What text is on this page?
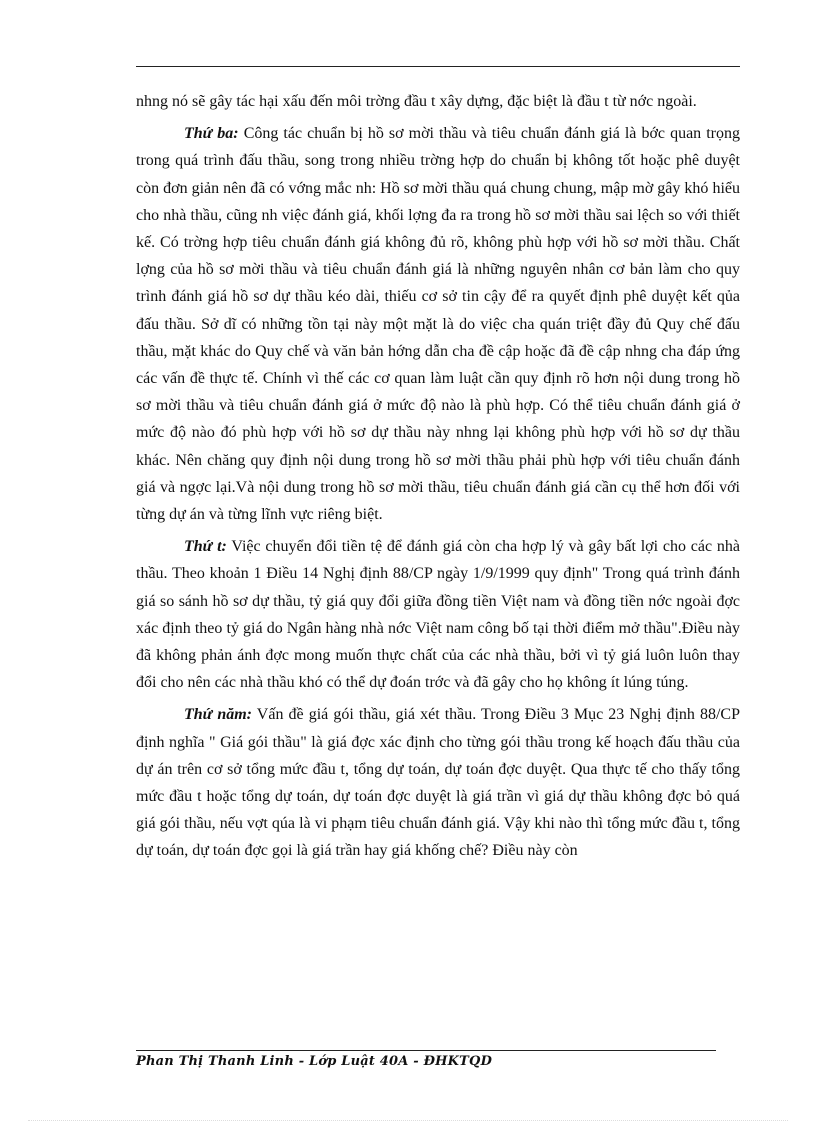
nhng nó sẽ gây tác hại xấu đến môi trờng đầu t xây dựng, đặc biệt là đầu t từ nớc ngoài.

Thứ ba: Công tác chuẩn bị hồ sơ mời thầu và tiêu chuẩn đánh giá là bớc quan trọng trong quá trình đấu thầu, song trong nhiều trờng hợp do chuẩn bị không tốt hoặc phê duyệt còn đơn giản nên đã có vớng mắc nh: Hồ sơ mời thầu quá chung chung, mập mờ gây khó hiểu cho nhà thầu, cũng nh việc đánh giá, khối lợng đa ra trong hồ sơ mời thầu sai lệch so với thiết kế. Có trờng hợp tiêu chuẩn đánh giá không đủ rõ, không phù hợp với hồ sơ mời thầu. Chất lợng của hồ sơ mời thầu và tiêu chuẩn đánh giá là những nguyên nhân cơ bản làm cho quy trình đánh giá hồ sơ dự thầu kéo dài, thiếu cơ sở tin cậy để ra quyết định phê duyệt kết qủa đấu thầu. Sở dĩ có những tồn tại này một mặt là do việc cha quán triệt đầy đủ Quy chế đấu thầu, mặt khác do Quy chế và văn bản hớng dẫn cha đề cập hoặc đã đề cập nhng cha đáp ứng các vấn đề thực tế. Chính vì thế các cơ quan làm luật cần quy định rõ hơn nội dung trong hồ sơ mời thầu và tiêu chuẩn đánh giá ở mức độ nào là phù hợp. Có thể tiêu chuẩn đánh giá ở mức độ nào đó phù hợp với hồ sơ dự thầu này nhng lại không phù hợp với hồ sơ dự thầu khác. Nên chăng quy định nội dung trong hồ sơ mời thầu phải phù hợp với tiêu chuẩn đánh giá và ngợc lại.Và nội dung trong hồ sơ mời thầu, tiêu chuẩn đánh giá cần cụ thể hơn đối với từng dự án và từng lĩnh vực riêng biệt.

Thứ t: Việc chuyển đổi tiền tệ để đánh giá còn cha hợp lý và gây bất lợi cho các nhà thầu. Theo khoản 1 Điều 14 Nghị định 88/CP ngày 1/9/1999 quy định" Trong quá trình đánh giá so sánh hồ sơ dự thầu, tỷ giá quy đổi giữa đồng tiền Việt nam và đồng tiền nớc ngoài đợc xác định theo tỷ giá do Ngân hàng nhà nớc Việt nam công bố tại thời điểm mở thầu".Điều này đã không phản ánh đợc mong muốn thực chất của các nhà thầu, bởi vì tỷ giá luôn luôn thay đổi cho nên các nhà thầu khó có thể dự đoán trớc và đã gây cho họ không ít lúng túng.

Thứ năm: Vấn đề giá gói thầu, giá xét thầu. Trong Điều 3 Mục 23 Nghị định 88/CP định nghĩa " Giá gói thầu" là giá đợc xác định cho từng gói thầu trong kế hoạch đấu thầu của dự án trên cơ sở tổng mức đầu t, tổng dự toán, dự toán đợc duyệt. Qua thực tế cho thấy tổng mức đầu t hoặc tổng dự toán, dự toán đợc duyệt là giá trần vì giá dự thầu không đợc bỏ quá giá gói thầu, nếu vợt qúa là vi phạm tiêu chuẩn đánh giá. Vậy khi nào thì tổng mức đầu t, tổng dự toán, dự toán đợc gọi là giá trần hay giá khống chế? Điều này còn

Phan Thị Thanh Linh - Lớp Luật 40A - ĐHKTQD
